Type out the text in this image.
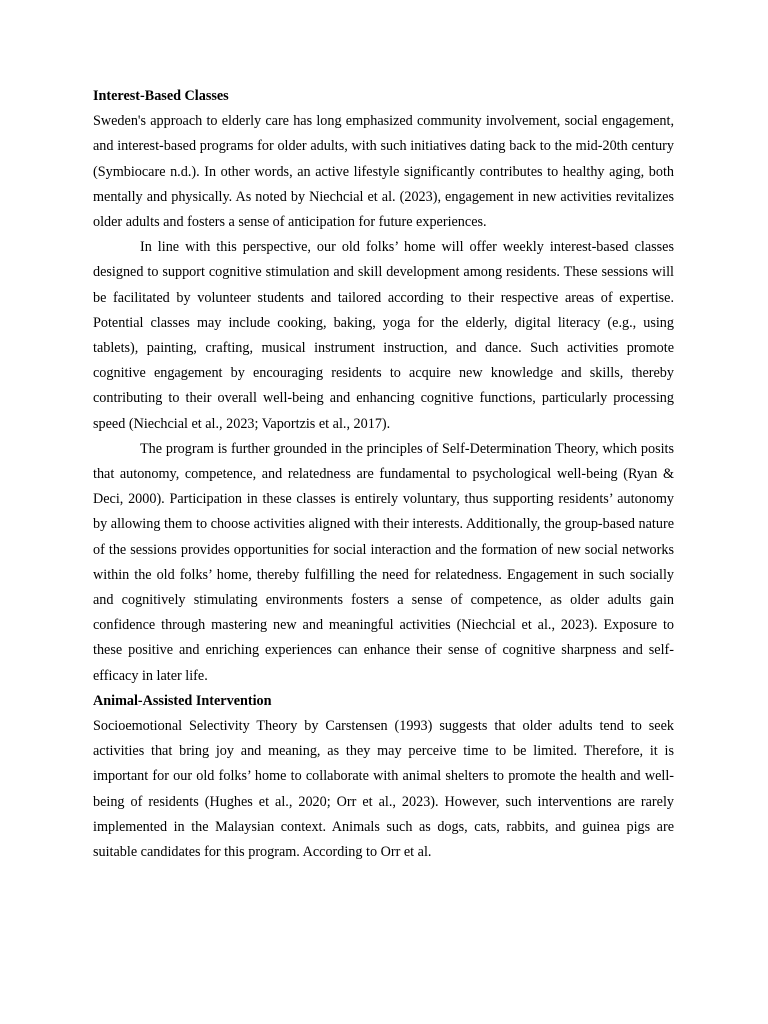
Interest-Based Classes

Sweden's approach to elderly care has long emphasized community involvement, social engagement, and interest-based programs for older adults, with such initiatives dating back to the mid-20th century (Symbiocare n.d.). In other words, an active lifestyle significantly contributes to healthy aging, both mentally and physically. As noted by Niechcial et al. (2023), engagement in new activities revitalizes older adults and fosters a sense of anticipation for future experiences.

In line with this perspective, our old folks’ home will offer weekly interest-based classes designed to support cognitive stimulation and skill development among residents. These sessions will be facilitated by volunteer students and tailored according to their respective areas of expertise. Potential classes may include cooking, baking, yoga for the elderly, digital literacy (e.g., using tablets), painting, crafting, musical instrument instruction, and dance. Such activities promote cognitive engagement by encouraging residents to acquire new knowledge and skills, thereby contributing to their overall well-being and enhancing cognitive functions, particularly processing speed (Niechcial et al., 2023; Vaportzis et al., 2017).

The program is further grounded in the principles of Self-Determination Theory, which posits that autonomy, competence, and relatedness are fundamental to psychological well-being (Ryan & Deci, 2000). Participation in these classes is entirely voluntary, thus supporting residents’ autonomy by allowing them to choose activities aligned with their interests. Additionally, the group-based nature of the sessions provides opportunities for social interaction and the formation of new social networks within the old folks’ home, thereby fulfilling the need for relatedness. Engagement in such socially and cognitively stimulating environments fosters a sense of competence, as older adults gain confidence through mastering new and meaningful activities (Niechcial et al., 2023). Exposure to these positive and enriching experiences can enhance their sense of cognitive sharpness and self-efficacy in later life.

Animal-Assisted Intervention

Socioemotional Selectivity Theory by Carstensen (1993) suggests that older adults tend to seek activities that bring joy and meaning, as they may perceive time to be limited. Therefore, it is important for our old folks’ home to collaborate with animal shelters to promote the health and well-being of residents (Hughes et al., 2020; Orr et al., 2023). However, such interventions are rarely implemented in the Malaysian context. Animals such as dogs, cats, rabbits, and guinea pigs are suitable candidates for this program. According to Orr et al.
